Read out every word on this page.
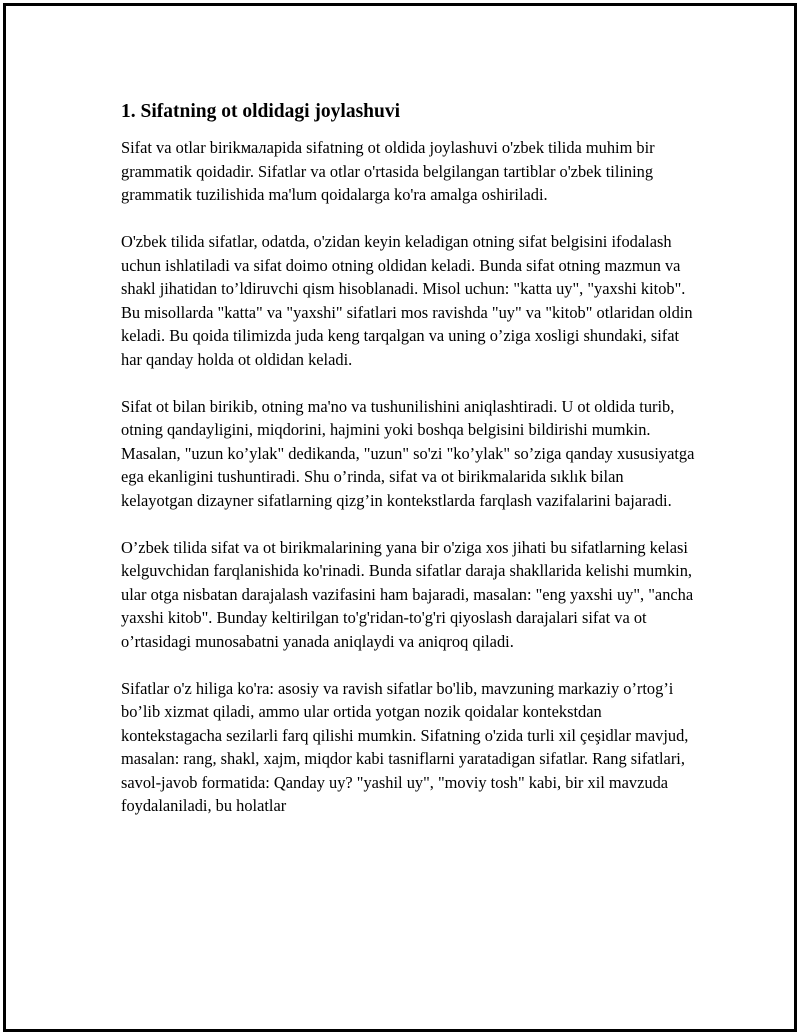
1. Sifatning ot oldidagi joylashuvi

Sifat va otlar birikмаларida sifatning ot oldida joylashuvi o'zbek tilida muhim bir grammatik qoidadir. Sifatlar va otlar o'rtasida belgilangan tartiblar o'zbek tilining grammatik tuzilishida ma'lum qoidalarga ko'ra amalga oshiriladi.

O'zbek tilida sifatlar, odatda, o'zidan keyin keladigan otning sifat belgisini ifodalash uchun ishlatiladi va sifat doimo otning oldidan keladi. Bunda sifat otning mazmun va shakl jihatidan to’ldiruvchi qism hisoblanadi. Misol uchun: "katta uy", "yaxshi kitob". Bu misollarda "katta" va "yaxshi" sifatlari mos ravishda "uy" va "kitob" otlaridan oldin keladi. Bu qoida tilimizda juda keng tarqalgan va uning o’ziga xosligi shundaki, sifat har qanday holda ot oldidan keladi.

Sifat ot bilan birikib, otning ma'no va tushunilishini aniqlashtiradi. U ot oldida turib, otning qandayligini, miqdorini, hajmini yoki boshqa belgisini bildirishi mumkin. Masalan, "uzun ko’ylak" dedikanda, "uzun" so'zi "ko’ylak" so’ziga qanday xususiyatga ega ekanligini tushuntiradi. Shu o’rinda, sifat va ot birikmalarida sıklık bilan kelayotgan dizayner sifatlarning qizg’in kontekstlarda farqlash vazifalarini bajaradi.

O’zbek tilida sifat va ot birikmalarining yana bir o'ziga xos jihati bu sifatlarning kelasi kelguvchidan farqlanishida ko'rinadi. Bunda sifatlar daraja shakllarida kelishi mumkin, ular otga nisbatan darajalash vazifasini ham bajaradi, masalan: "eng yaxshi uy", "ancha yaxshi kitob". Bunday keltirilgan to'g'ridan-to'g'ri qiyoslash darajalari sifat va ot o’rtasidagi munosabatni yanada aniqlaydi va aniqroq qiladi.

Sifatlar o'z hiliga ko'ra: asosiy va ravish sifatlar bo'lib, mavzuning markaziy o’rtog’i bo’lib xizmat qiladi, ammo ular ortida yotgan nozik qoidalar kontekstdan kontekstagacha sezilarli farq qilishi mumkin. Sifatning o'zida turli xil çeşidlar mavjud, masalan: rang, shakl, xajm, miqdor kabi tasniflarni yaratadigan sifatlar. Rang sifatlari, savol-javob formatida: Qanday uy? "yashil uy", "moviy tosh" kabi, bir xil mavzuda foydalaniladi, bu holatlar
